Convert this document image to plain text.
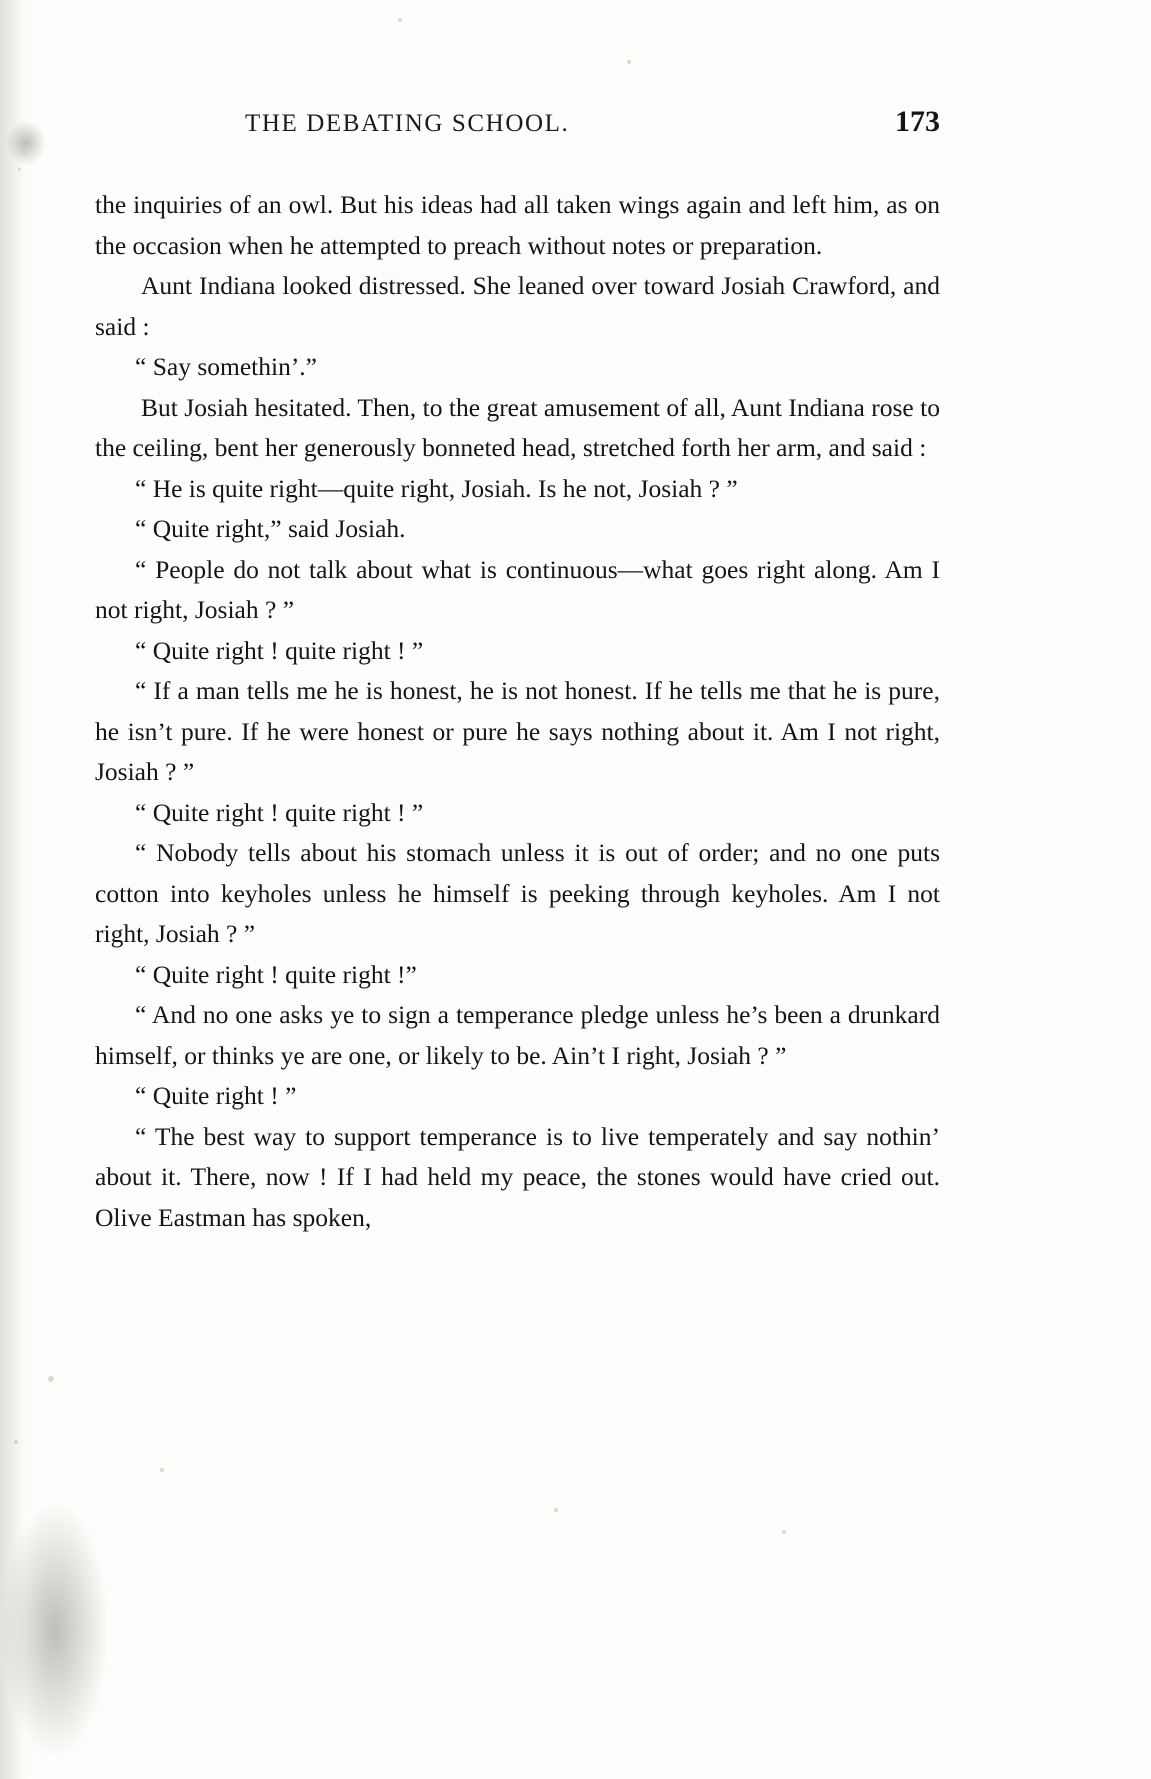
THE DEBATING SCHOOL.	173

the inquiries of an owl. But his ideas had all taken wings again and left him, as on the occasion when he attempted to preach without notes or preparation.

Aunt Indiana looked distressed. She leaned over toward Josiah Crawford, and said :

“ Say somethin’.”

But Josiah hesitated. Then, to the great amusement of all, Aunt Indiana rose to the ceiling, bent her generously bonneted head, stretched forth her arm, and said :

“ He is quite right—quite right, Josiah. Is he not, Josiah ? ”

“ Quite right,” said Josiah.

“ People do not talk about what is continuous—what goes right along. Am I not right, Josiah ? ”

“ Quite right ! quite right ! ”

“ If a man tells me he is honest, he is not honest. If he tells me that he is pure, he isn’t pure. If he were honest or pure he says nothing about it. Am I not right, Josiah ? ”

“ Quite right ! quite right ! ”

“ Nobody tells about his stomach unless it is out of order; and no one puts cotton into keyholes unless he himself is peeking through keyholes. Am I not right, Josiah ? ”

“ Quite right ! quite right !”

“ And no one asks ye to sign a temperance pledge unless he’s been a drunkard himself, or thinks ye are one, or likely to be. Ain’t I right, Josiah ? ”

“ Quite right ! ”

“ The best way to support temperance is to live temperately and say nothin’ about it. There, now ! If I had held my peace, the stones would have cried out. Olive Eastman has spoken,
